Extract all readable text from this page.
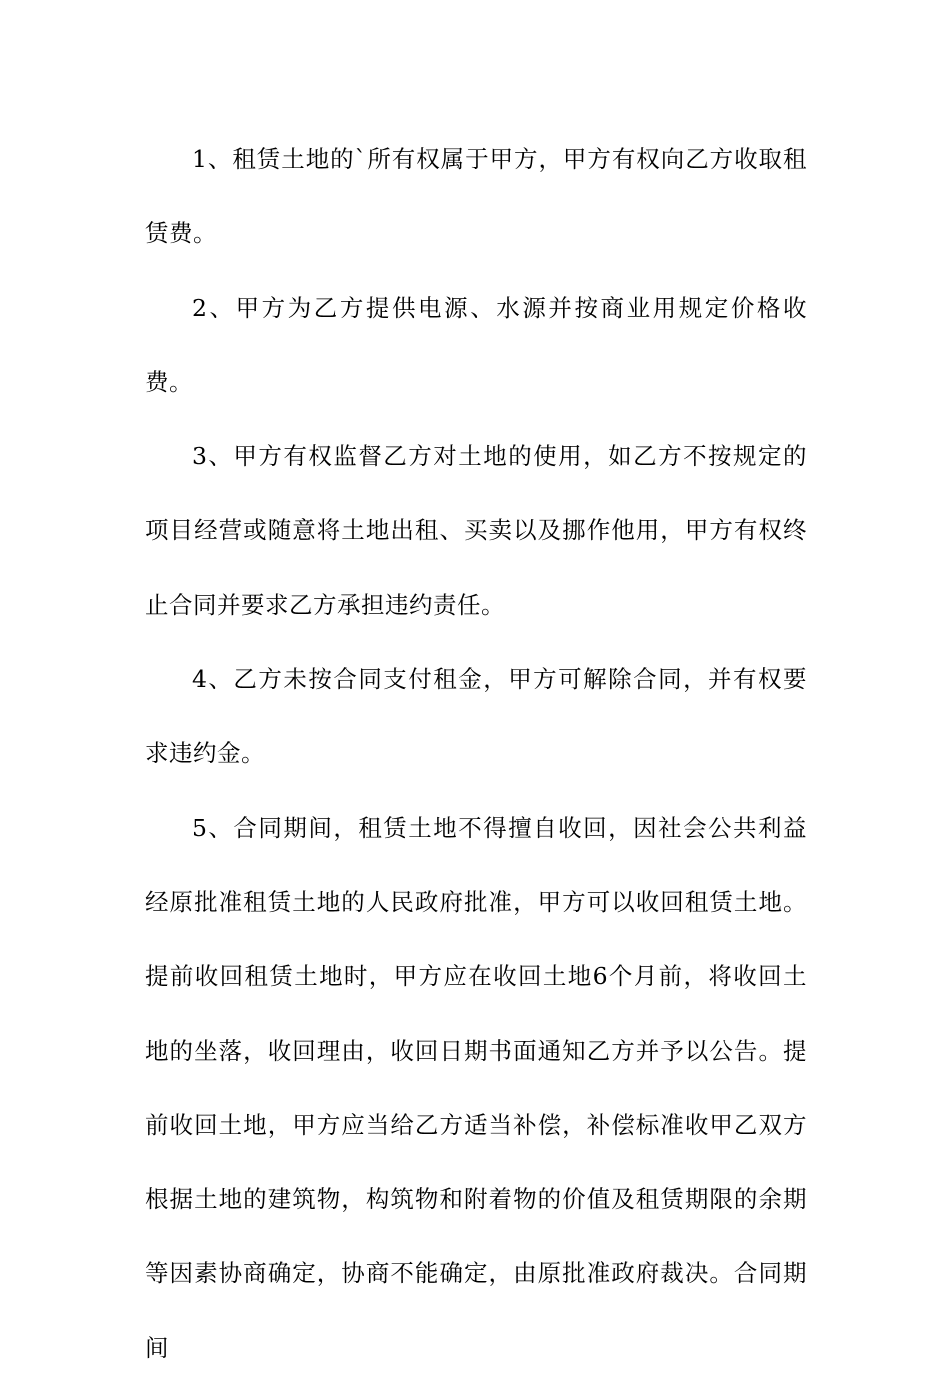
1、租赁土地的`所有权属于甲方，甲方有权向乙方收取租赁费。

2、甲方为乙方提供电源、水源并按商业用规定价格收费。

3、甲方有权监督乙方对土地的使用，如乙方不按规定的项目经营或随意将土地出租、买卖以及挪作他用，甲方有权终止合同并要求乙方承担违约责任。

4、乙方未按合同支付租金，甲方可解除合同，并有权要求违约金。

5、合同期间，租赁土地不得擅自收回，因社会公共利益经原批准租赁土地的人民政府批准，甲方可以收回租赁土地。提前收回租赁土地时，甲方应在收回土地6个月前，将收回土地的坐落，收回理由，收回日期书面通知乙方并予以公告。提前收回土地，甲方应当给乙方适当补偿，补偿标准收甲乙双方根据土地的建筑物，构筑物和附着物的价值及租赁期限的余期等因素协商确定，协商不能确定，由原批准政府裁决。合同期间
